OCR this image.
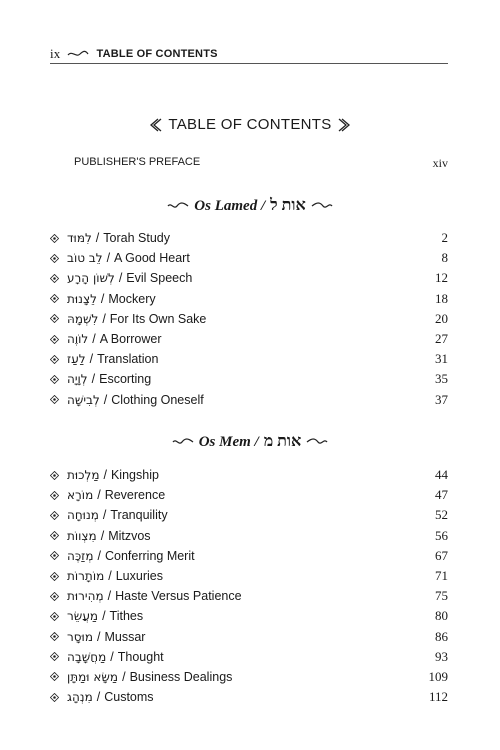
ix	TABLE OF CONTENTS
TABLE OF CONTENTS
PUBLISHER'S PREFACE	xiv
Os Lamed / אות ל
לִמּוּד / Torah Study	2
לֵב טוֹב / A Good Heart	8
לְשׁוֹן הָרָע / Evil Speech	12
לֵצָנוּת / Mockery	18
לִשְׁמָהּ / For Its Own Sake	20
לוֹוֶה / A Borrower	27
לַעַז / Translation	31
לְוָיָה / Escorting	35
לְבִישָׁה / Clothing Oneself	37
Os Mem / אות מ
מַלְכוּת / Kingship	44
מוֹרָא / Reverence	47
מְנוּחָה / Tranquility	52
מִצְווֹת / Mitzvos	56
מְזַכֶּה / Conferring Merit	67
מוֹתָרוֹת / Luxuries	71
מְהִירוּת / Haste Versus Patience	75
מַעֲשֵׂר / Tithes	80
מוּסָר / Mussar	86
מַחֲשָׁבָה / Thought	93
מַשָּׂא וּמַתָּן / Business Dealings	109
מִנְהָג / Customs	112
